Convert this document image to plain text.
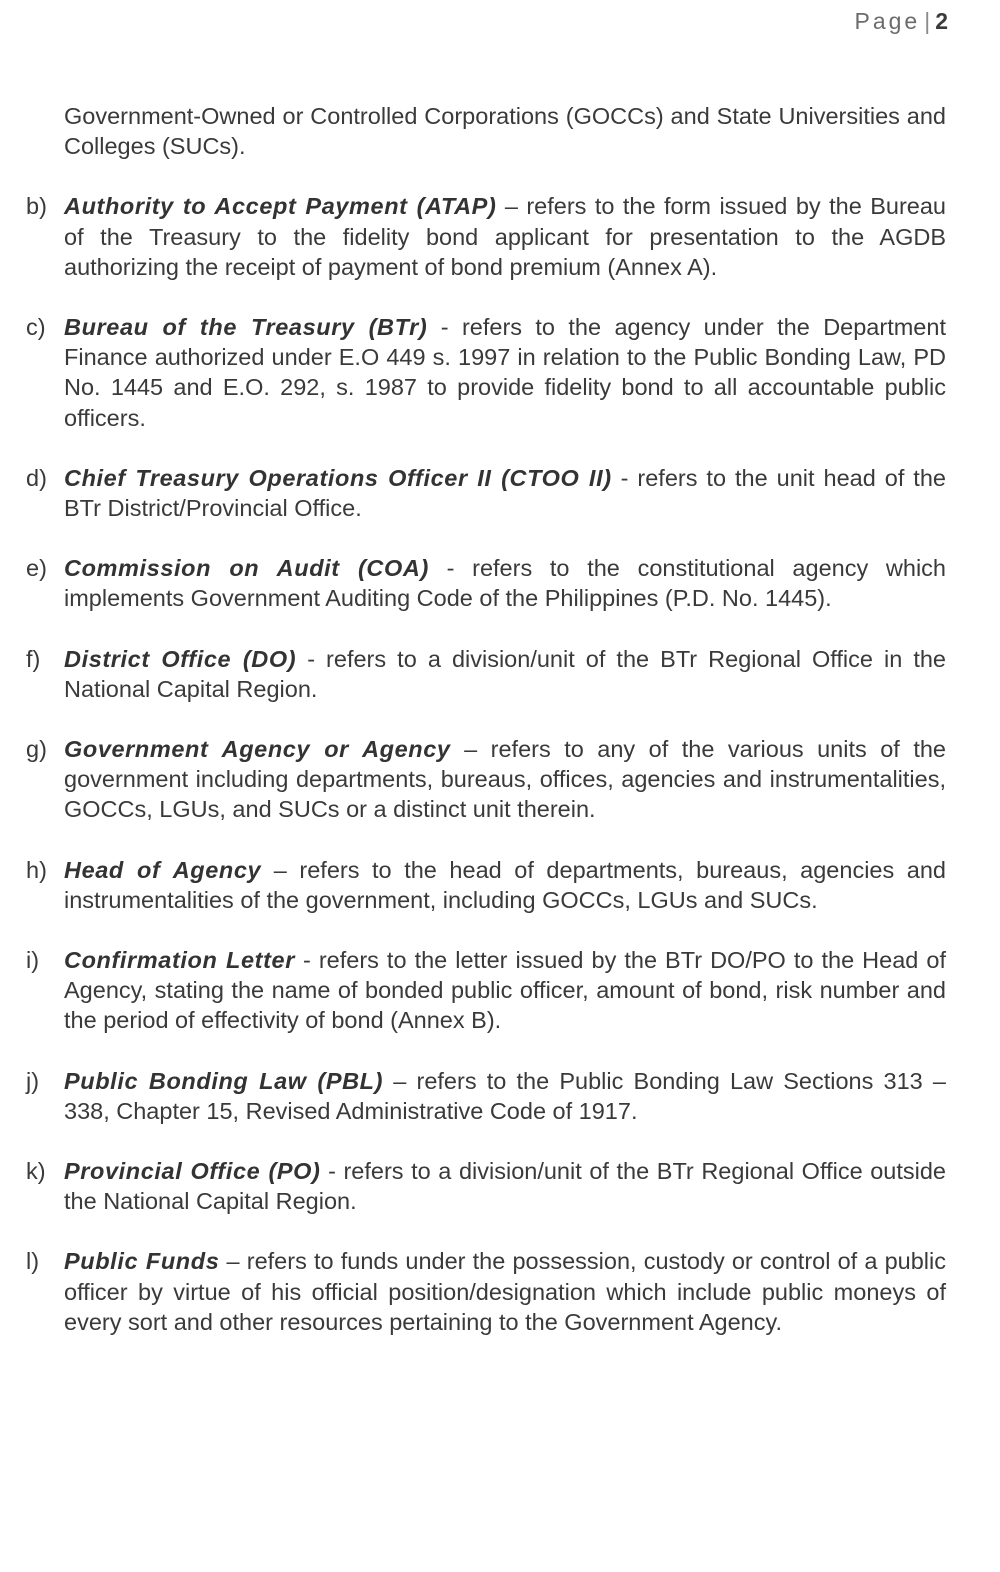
Page |2

Government-Owned or Controlled Corporations (GOCCs) and State Universities and Colleges (SUCs).

b) Authority to Accept Payment (ATAP) – refers to the form issued by the Bureau of the Treasury to the fidelity bond applicant for presentation to the AGDB authorizing the receipt of payment of bond premium (Annex A).

c) Bureau of the Treasury (BTr) - refers to the agency under the Department Finance authorized under E.O 449 s. 1997 in relation to the Public Bonding Law, PD No. 1445 and E.O. 292, s. 1987 to provide fidelity bond to all accountable public officers.

d) Chief Treasury Operations Officer II (CTOO II) - refers to the unit head of the BTr District/Provincial Office.

e) Commission on Audit (COA) - refers to the constitutional agency which implements Government Auditing Code of the Philippines (P.D. No. 1445).

f)	District Office (DO) - refers to a division/unit of the BTr Regional Office in the National Capital Region.

g) Government Agency or Agency – refers to any of the various units of the government including departments, bureaus, offices, agencies and instrumentalities, GOCCs, LGUs, and SUCs or a distinct unit therein.

h) Head of Agency – refers to the head of departments, bureaus, agencies and instrumentalities of the government, including GOCCs, LGUs and SUCs.

i)	Confirmation Letter - refers to the letter issued by the BTr DO/PO to the Head of Agency, stating the name of bonded public officer, amount of bond, risk number and the period of effectivity of bond (Annex B).

j)	Public Bonding Law (PBL) – refers to the Public Bonding Law Sections 313 – 338, Chapter 15, Revised Administrative Code of 1917.

k) Provincial Office (PO) - refers to a division/unit of the BTr Regional Office outside the National Capital Region.

l)	Public Funds – refers to funds under the possession, custody or control of a public officer by virtue of his official position/designation which include public moneys of every sort and other resources pertaining to the Government Agency.
